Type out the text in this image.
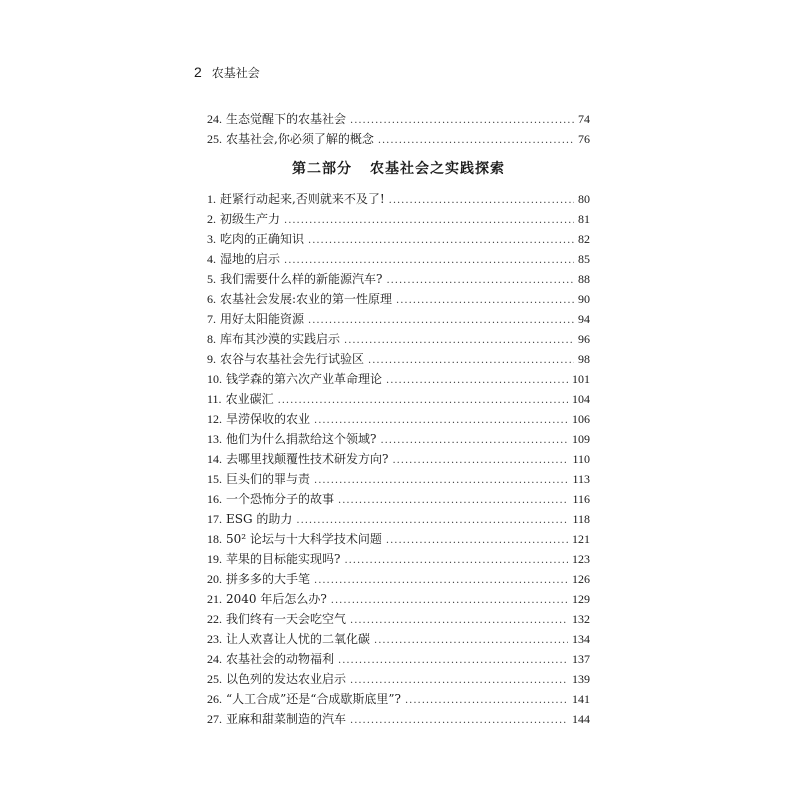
2 农基社会
24. 生态觉醒下的农基社会 .....	74
25. 农基社会,你必须了解的概念 .....	76
第二部分 农基社会之实践探索
1. 赶紧行动起来,否则就来不及了! .....	80
2. 初级生产力 .....	81
3. 吃肉的正确知识 .....	82
4. 湿地的启示 .....	85
5. 我们需要什么样的新能源汽车? .....	88
6. 农基社会发展:农业的第一性原理 .....	90
7. 用好太阳能资源 .....	94
8. 库布其沙漠的实践启示 .....	96
9. 农谷与农基社会先行试验区 .....	98
10. 钱学森的第六次产业革命理论 .....	101
11. 农业碳汇 .....	104
12. 旱涝保收的农业 .....	106
13. 他们为什么捐款给这个领域? .....	109
14. 去哪里找颠覆性技术研发方向? .....	110
15. 巨头们的罪与责 .....	113
16. 一个恐怖分子的故事 .....	116
17. ESG 的助力 .....	118
18. 50² 论坛与十大科学技术问题 .....	121
19. 苹果的目标能实现吗? .....	123
20. 拼多多的大手笔 .....	126
21. 2040 年后怎么办? .....	129
22. 我们终有一天会吃空气 .....	132
23. 让人欢喜让人忧的二氧化碳 .....	134
24. 农基社会的动物福利 .....	137
25. 以色列的发达农业启示 .....	139
26. “人工合成”还是“合成歇斯底里”? .....	141
27. 亚麻和甜菜制造的汽车 .....	144
